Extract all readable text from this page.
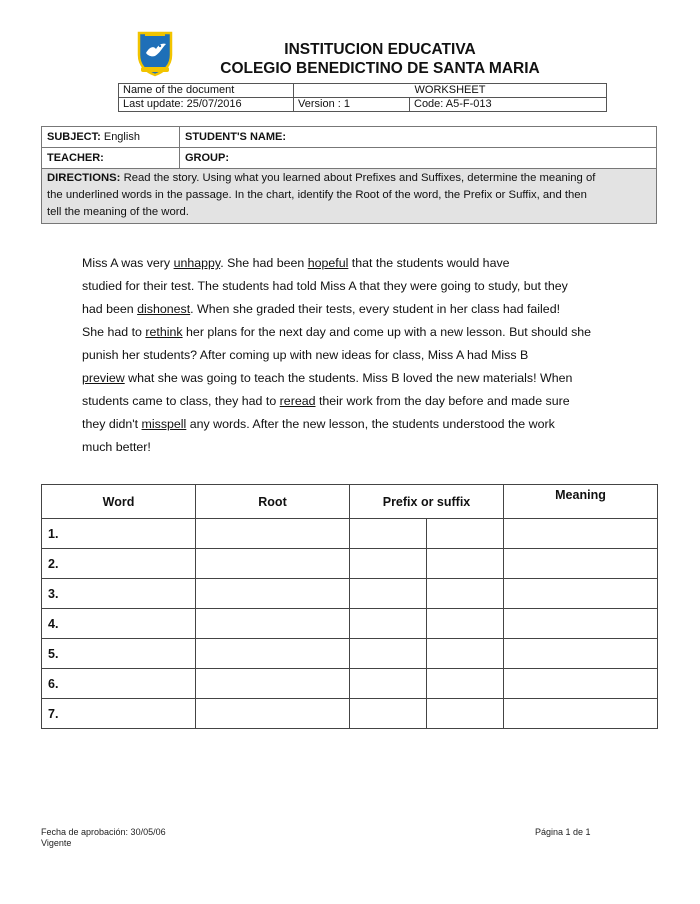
INSTITUCION EDUCATIVA
COLEGIO BENEDICTINO DE SANTA MARIA
Name of the document	WORKSHEET	
Last update: 25/07/2016	Version : 1	Code: A5-F-013
SUBJECT: English	STUDENT'S NAME:
TEACHER:	GROUP:

DIRECTIONS: Read the story. Using what you learned about Prefixes and Suffixes, determine the meaning of
the underlined words in the passage. In the chart, identify the Root of the word, the Prefix or Suffix, and then
tell the meaning of the word.	
Miss A was very unhappy. She had been hopeful that the students would have
studied for their test. The students had told Miss A that they were going to study, but they
had been dishonest. When she graded their tests, every student in her class had failed!
She had to rethink her plans for the next day and come up with a new lesson. But should she
punish her students? After coming up with new ideas for class, Miss A had Miss B
preview what she was going to teach the students. Miss B loved the new materials! When
students came to class, they had to reread their work from the day before and made sure
they didn't misspell any words. After the new lesson, the students understood the work
much better!
Word	Root	Prefix or suffix		Meaning
1.				
2.				
3.				
4.				
5.				
6.				
7.				
Fecha de aprobación: 30/05/06
Vigente
Página 1 de 1
